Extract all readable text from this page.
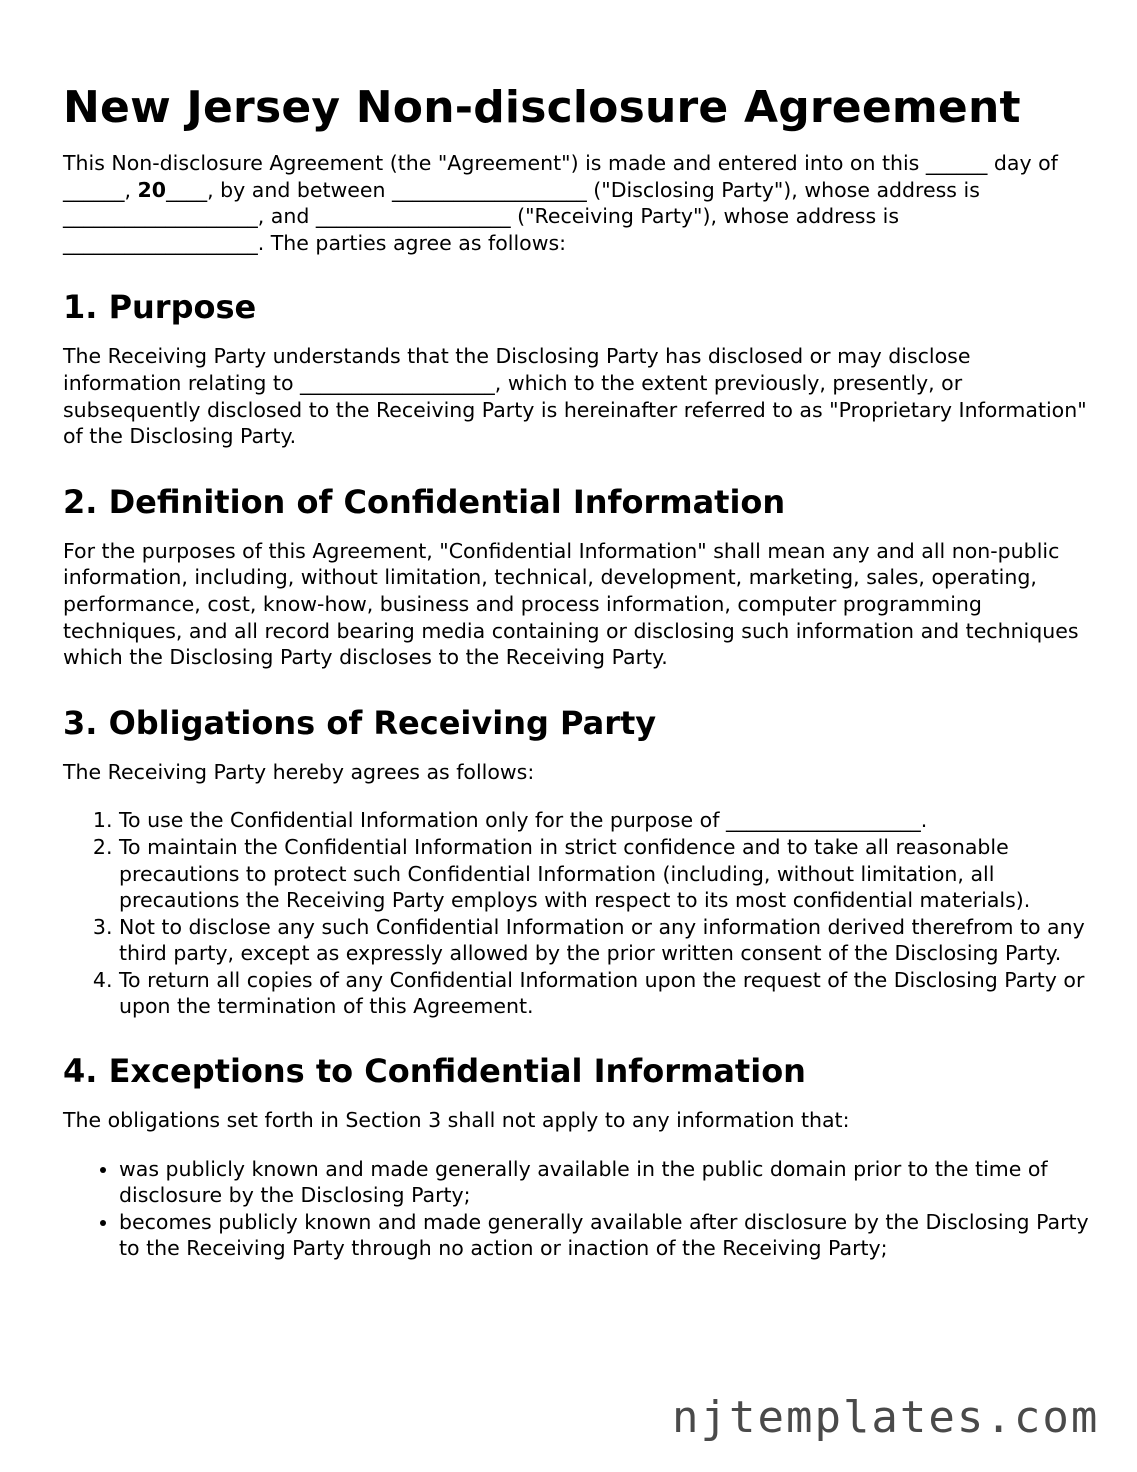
New Jersey Non-disclosure Agreement

This Non-disclosure Agreement (the "Agreement") is made and entered into on this ______ day of ______, 20____, by and between ___________________ ("Disclosing Party"), whose address is ___________________, and ___________________ ("Receiving Party"), whose address is ___________________. The parties agree as follows:

1. Purpose

The Receiving Party understands that the Disclosing Party has disclosed or may disclose information relating to ___________________, which to the extent previously, presently, or subsequently disclosed to the Receiving Party is hereinafter referred to as "Proprietary Information" of the Disclosing Party.

2. Definition of Confidential Information

For the purposes of this Agreement, "Confidential Information" shall mean any and all non-public information, including, without limitation, technical, development, marketing, sales, operating, performance, cost, know-how, business and process information, computer programming techniques, and all record bearing media containing or disclosing such information and techniques which the Disclosing Party discloses to the Receiving Party.

3. Obligations of Receiving Party

The Receiving Party hereby agrees as follows:

1. To use the Confidential Information only for the purpose of ___________________.
2. To maintain the Confidential Information in strict confidence and to take all reasonable precautions to protect such Confidential Information (including, without limitation, all precautions the Receiving Party employs with respect to its most confidential materials).
3. Not to disclose any such Confidential Information or any information derived therefrom to any third party, except as expressly allowed by the prior written consent of the Disclosing Party.
4. To return all copies of any Confidential Information upon the request of the Disclosing Party or upon the termination of this Agreement.
4. Exceptions to Confidential Information

The obligations set forth in Section 3 shall not apply to any information that:

• was publicly known and made generally available in the public domain prior to the time of disclosure by the Disclosing Party;
• becomes publicly known and made generally available after disclosure by the Disclosing Party to the Receiving Party through no action or inaction of the Receiving Party;
njtemplates.com
